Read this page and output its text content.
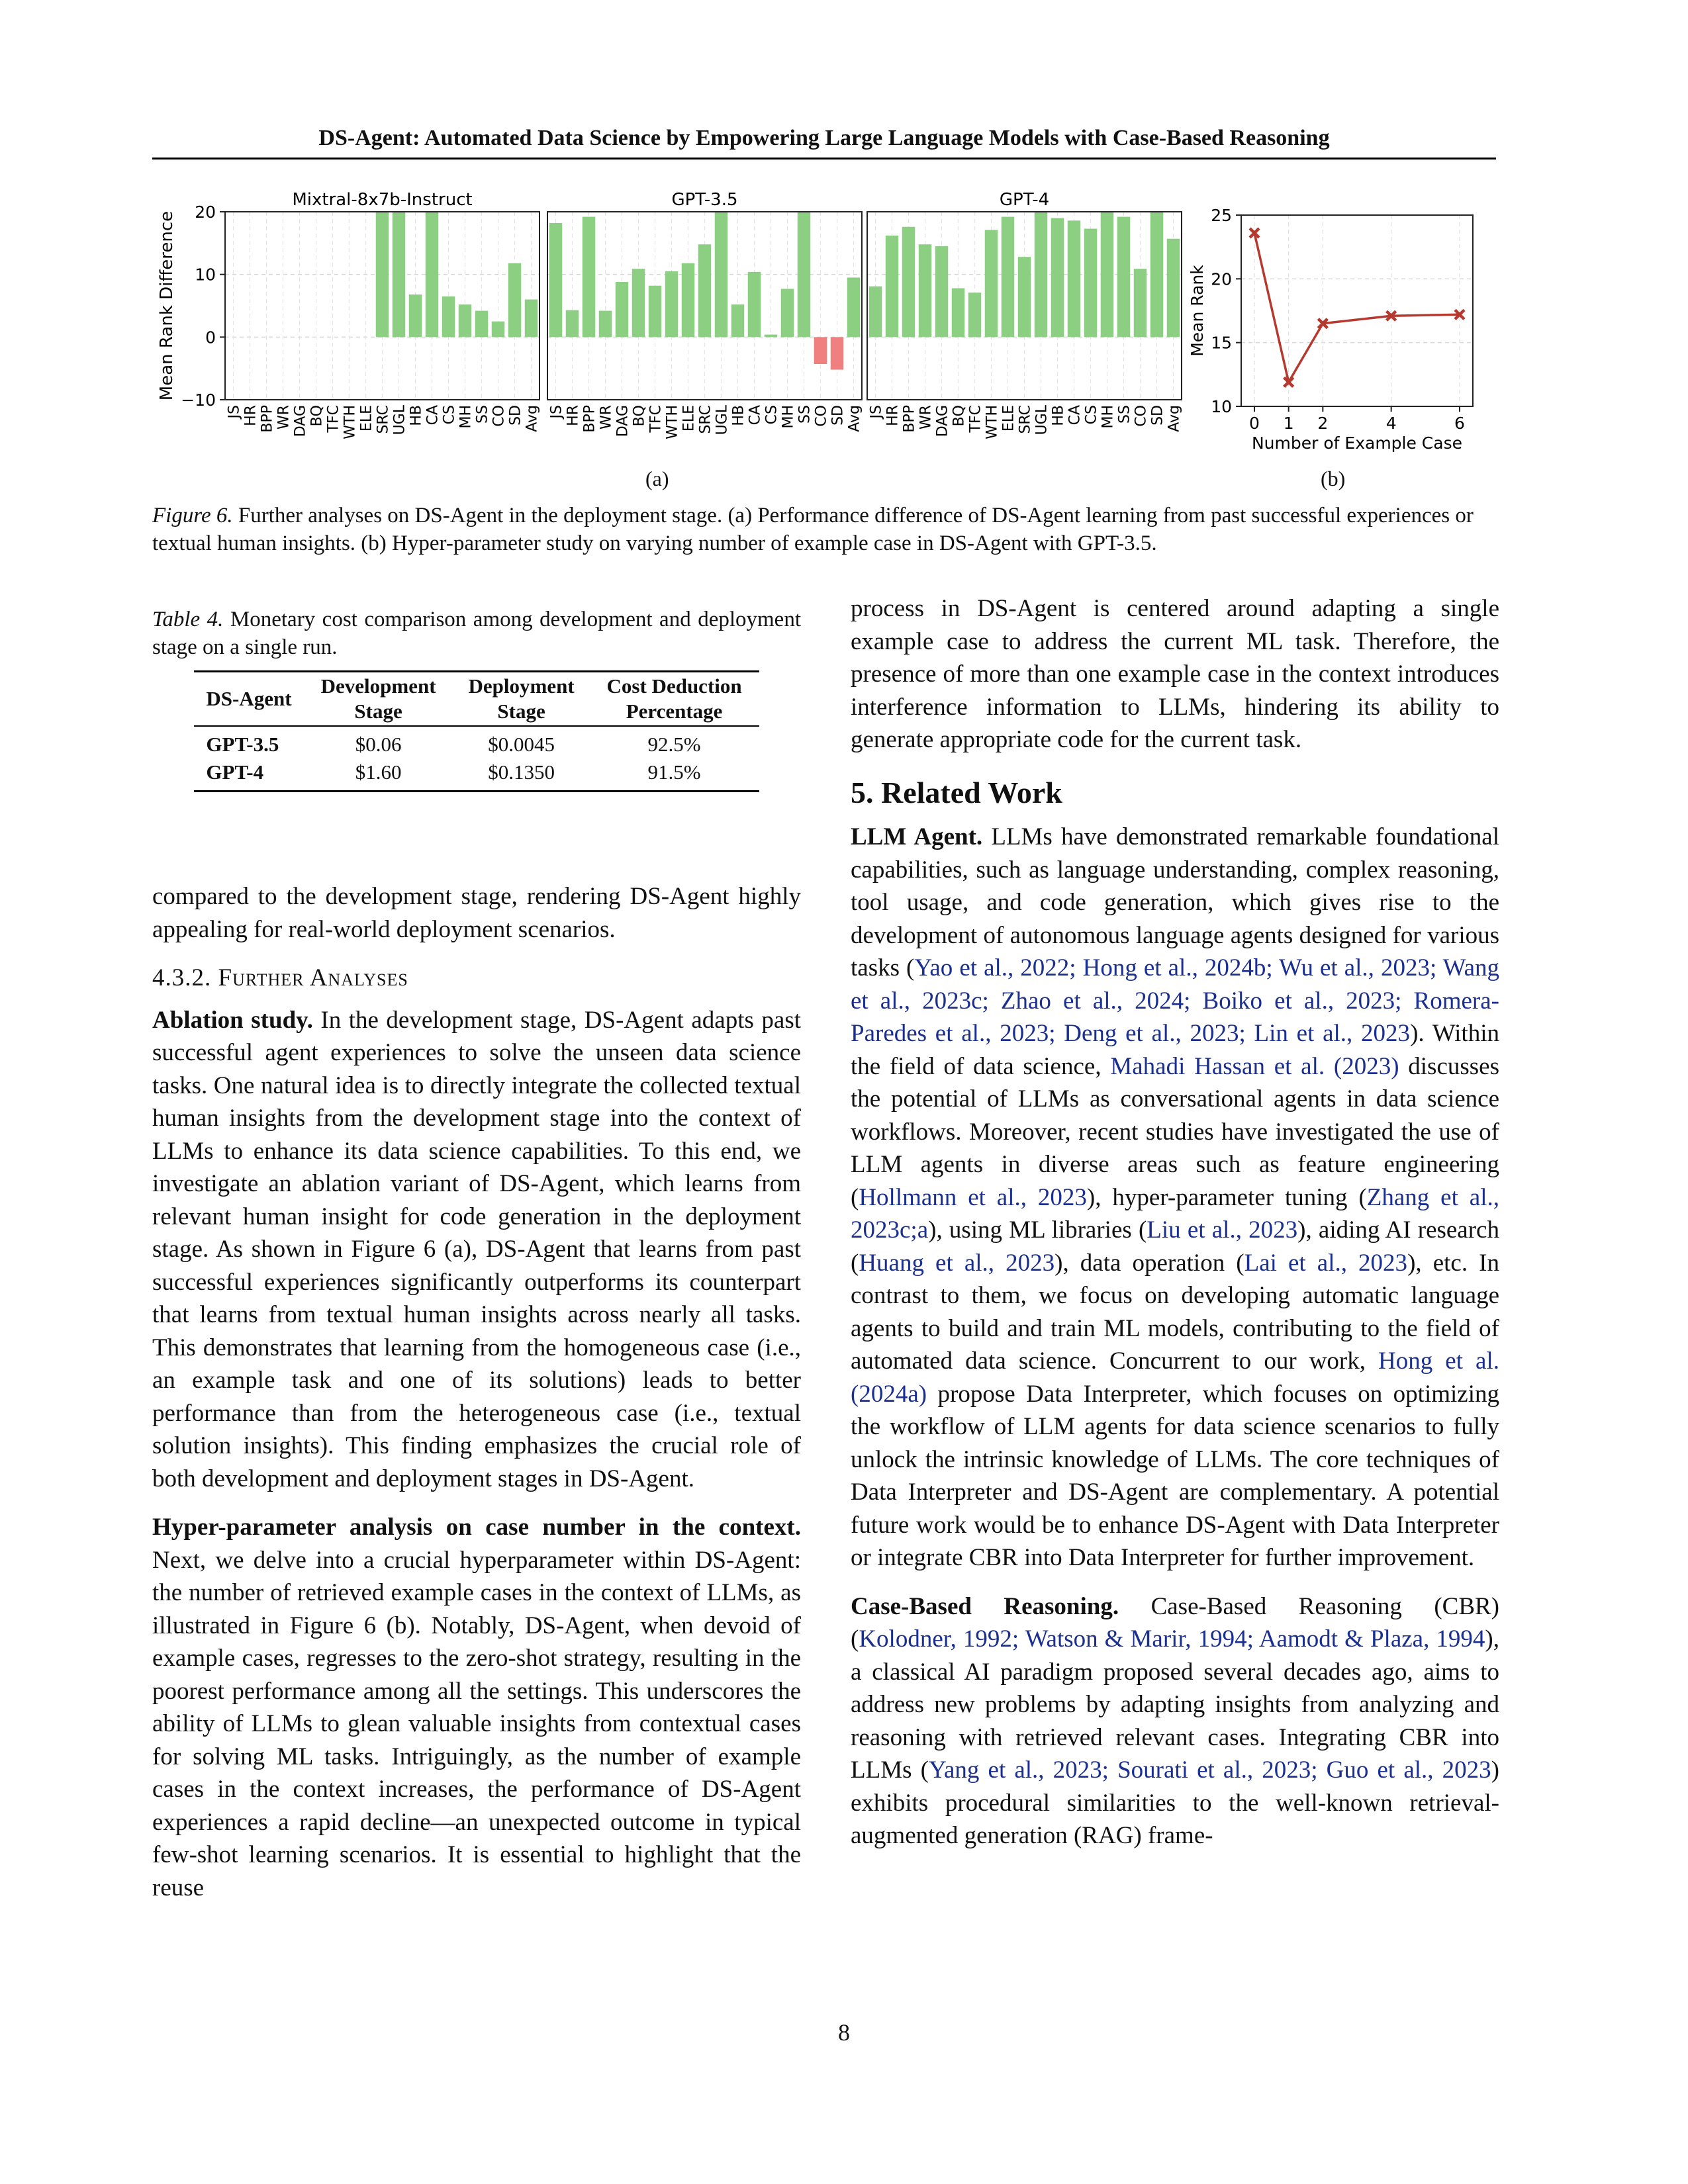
DS-Agent: Automated Data Science by Empowering Large Language Models with Case-Based Reasoning
Mean Rank Difference
Mixtral-8x7b-Instruct
JS HR BPP WR DAG BQ TFC WTH ELE SRC UGL HB CA CS MH SS CO SD Avg
GPT-3.5
JS HR BPP WR DAG BQ TFC WTH ELE SRC UGL HB CA CS MH SS CO SD Avg
GPT-4
JS HR BPP WR DAG BQ TFC WTH ELE SRC UGL HB CA CS MH SS CO SD Avg
20
10
0
−10
25
20
15
10
0 1 2	4	6
Number of Example Case
Mean Rank
(a)	(b)
Figure 6. Further analyses on DS-Agent in the deployment stage. (a) Performance difference of DS-Agent learning from past successful experiences or textual human insights. (b) Hyper-parameter study on varying number of example case in DS-Agent with GPT-3.5.
Table 4. Monetary cost comparison among development and deployment stage on a single run.
DS-Agent	Development Stage	Deployment Stage	Cost Deduction Percentage
GPT-3.5	$0.06	$0.0045	92.5%
GPT-4	$1.60	$0.1350	91.5%

compared to the development stage, rendering DS-Agent highly appealing for real-world deployment scenarios.

4.3.2. Further Analyses

Ablation study. In the development stage, DS-Agent adapts past successful agent experiences to solve the unseen data science tasks. One natural idea is to directly integrate the collected textual human insights from the development stage into the context of LLMs to enhance its data science capabilities. To this end, we investigate an ablation variant of DS-Agent, which learns from relevant human insight for code generation in the deployment stage. As shown in Figure 6 (a), DS-Agent that learns from past successful experiences significantly outperforms its counterpart that learns from textual human insights across nearly all tasks. This demonstrates that learning from the homogeneous case (i.e., an example task and one of its solutions) leads to better performance than from the heterogeneous case (i.e., textual solution insights). This finding emphasizes the crucial role of both development and deployment stages in DS-Agent.

Hyper-parameter analysis on case number in the context. Next, we delve into a crucial hyperparameter within DS-Agent: the number of retrieved example cases in the context of LLMs, as illustrated in Figure 6 (b). Notably, DS-Agent, when devoid of example cases, regresses to the zero-shot strategy, resulting in the poorest performance among all the settings. This underscores the ability of LLMs to glean valuable insights from contextual cases for solving ML tasks. Intriguingly, as the number of example cases in the context increases, the performance of DS-Agent experiences a rapid decline—an unexpected outcome in typical few-shot learning scenarios. It is essential to highlight that the reuse

process in DS-Agent is centered around adapting a single example case to address the current ML task. Therefore, the presence of more than one example case in the context introduces interference information to LLMs, hindering its ability to generate appropriate code for the current task.

5. Related Work

LLM Agent. LLMs have demonstrated remarkable foundational capabilities, such as language understanding, complex reasoning, tool usage, and code generation, which gives rise to the development of autonomous language agents designed for various tasks (Yao et al., 2022; Hong et al., 2024b; Wu et al., 2023; Wang et al., 2023c; Zhao et al., 2024; Boiko et al., 2023; Romera-Paredes et al., 2023; Deng et al., 2023; Lin et al., 2023). Within the field of data science, Mahadi Hassan et al. (2023) discusses the potential of LLMs as conversational agents in data science workflows. Moreover, recent studies have investigated the use of LLM agents in diverse areas such as feature engineering (Hollmann et al., 2023), hyper-parameter tuning (Zhang et al., 2023c;a), using ML libraries (Liu et al., 2023), aiding AI research (Huang et al., 2023), data operation (Lai et al., 2023), etc. In contrast to them, we focus on developing automatic language agents to build and train ML models, contributing to the field of automated data science. Concurrent to our work, Hong et al. (2024a) propose Data Interpreter, which focuses on optimizing the workflow of LLM agents for data science scenarios to fully unlock the intrinsic knowledge of LLMs. The core techniques of Data Interpreter and DS-Agent are complementary. A potential future work would be to enhance DS-Agent with Data Interpreter or integrate CBR into Data Interpreter for further improvement.

Case-Based Reasoning. Case-Based Reasoning (CBR) (Kolodner, 1992; Watson & Marir, 1994; Aamodt & Plaza, 1994), a classical AI paradigm proposed several decades ago, aims to address new problems by adapting insights from analyzing and reasoning with retrieved relevant cases. Integrating CBR into LLMs (Yang et al., 2023; Sourati et al., 2023; Guo et al., 2023) exhibits procedural similarities to the well-known retrieval-augmented generation (RAG) frame-

8
